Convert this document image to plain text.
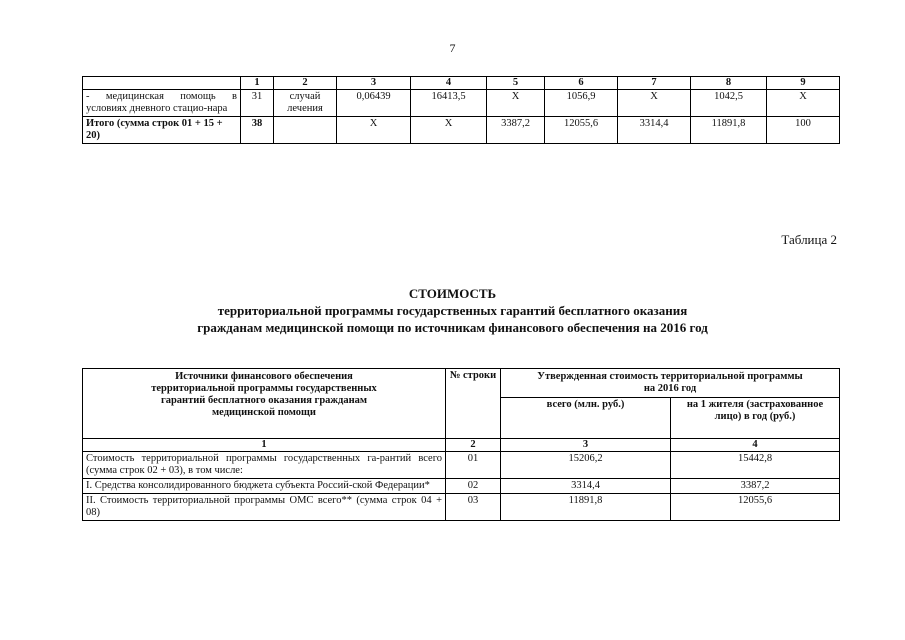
7
	1	2	3	4	5	6	7	8	9
- медицинская помощь в условиях дневного стацио-нара	31	случай лечения	0,06439	16413,5	X	1056,9	X	1042,5	X
Итого (сумма строк 01 + 15 + 20)	38		X	X	3387,2	12055,6	3314,4	11891,8	100
Таблица 2
СТОИМОСТЬ
территориальной программы государственных гарантий бесплатного оказания
гражданам медицинской помощи по источникам финансового обеспечения на 2016 год
Источники финансового обеспечения территориальной программы государственных гарантий бесплатного оказания гражданам медицинской помощи	№ строки	Утвержденная стоимость территориальной программы на 2016 год	
		всего (млн. руб.)	на 1 жителя (застрахованное лицо) в год (руб.)
1	2	3	4
Стоимость территориальной программы государственных га-рантий всего (сумма строк 02 + 03), в том числе:	01	15206,2	15442,8
I. Средства консолидированного бюджета субъекта Россий-ской Федерации*	02	3314,4	3387,2
II. Стоимость территориальной программы ОМС всего** (сумма строк 04 + 08)	03	11891,8	12055,6
